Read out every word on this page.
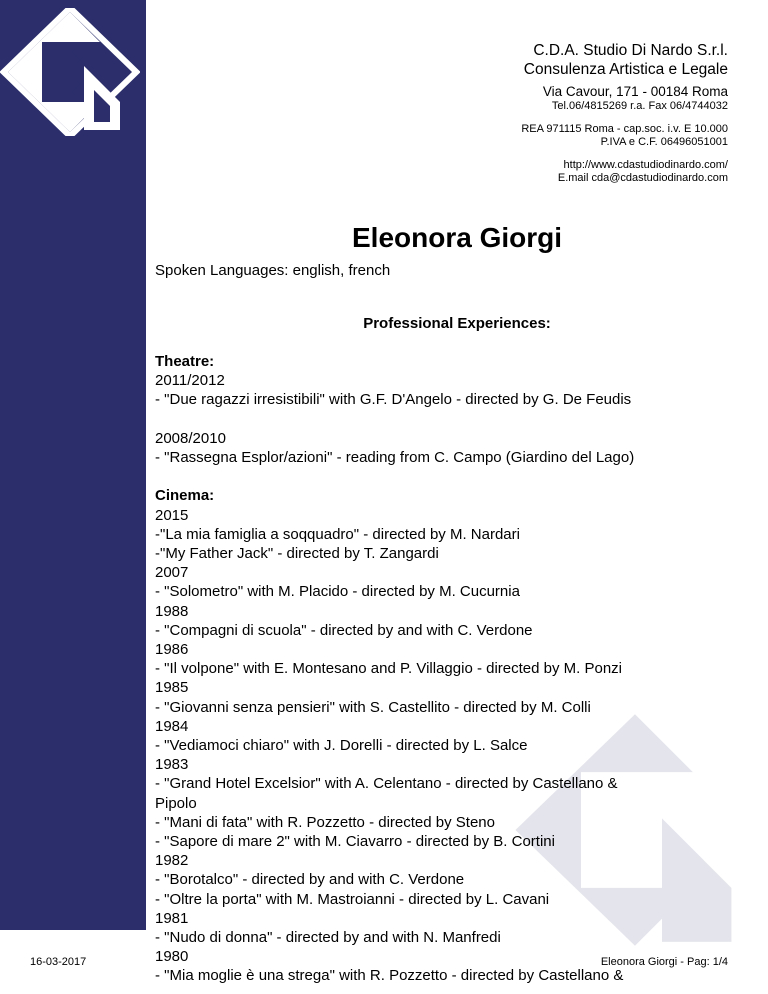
C.D.A. Studio Di Nardo S.r.l.
Consulenza Artistica e Legale
Via Cavour, 171 - 00184 Roma
Tel.06/4815269 r.a. Fax 06/4744032
REA 971115 Roma - cap.soc. i.v. E 10.000
P.IVA e C.F. 06496051001
http://www.cdastudiodinardo.com/
E.mail cda@cdastudiodinardo.com
Eleonora Giorgi
Spoken Languages: english, french
Professional Experiences:
Theatre:
2011/2012
- "Due ragazzi irresistibili" with G.F. D'Angelo - directed by G. De Feudis
2008/2010
- "Rassegna Esplor/azioni" - reading from C. Campo (Giardino del Lago)
Cinema:
2015
-"La mia famiglia a soqquadro" - directed by M. Nardari
-"My Father Jack" - directed by T. Zangardi
2007
- "Solometro" with M. Placido - directed by M. Cucurnia
1988
- "Compagni di scuola" - directed by and with C. Verdone
1986
- "Il volpone" with E. Montesano and P. Villaggio - directed by M. Ponzi
1985
- "Giovanni senza pensieri" with S. Castellito - directed by M. Colli
1984
- "Vediamoci chiaro" with J. Dorelli - directed by L. Salce
1983
- "Grand Hotel Excelsior" with A. Celentano - directed by Castellano &
Pipolo
- "Mani di fata" with R. Pozzetto - directed by Steno
- "Sapore di mare 2" with M. Ciavarro - directed by B. Cortini
1982
- "Borotalco" - directed by and with C. Verdone
- "Oltre la porta" with M. Mastroianni - directed by L. Cavani
1981
- "Nudo di donna" - directed by and with N. Manfredi
1980
- "Mia moglie è una strega" with R. Pozzetto - directed by Castellano &
16-03-2017	Eleonora Giorgi - Pag: 1/4
